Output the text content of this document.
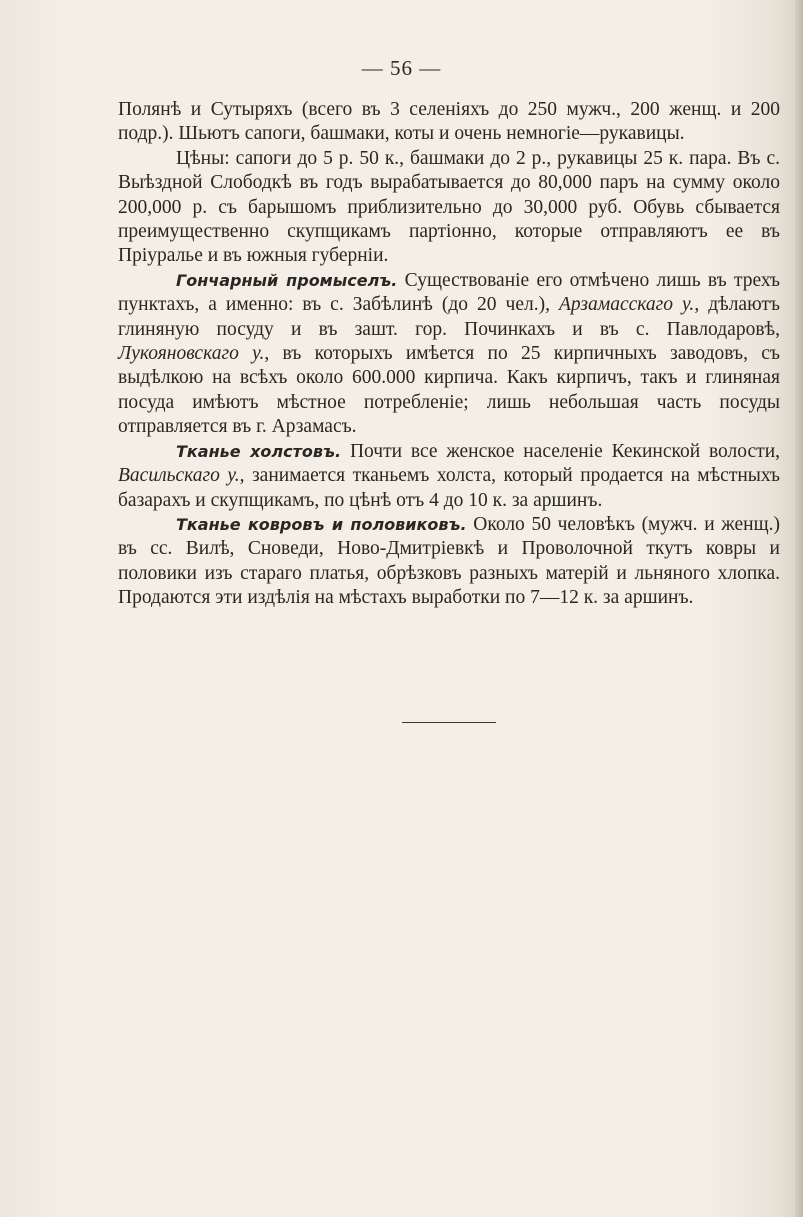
— 56 —

Полянѣ и Сутыряхъ (всего въ 3 селеніяхъ до 250 мужч., 200 женщ. и 200 подр.). Шьютъ сапоги, башмаки, коты и очень немногіе—рукавицы.

Цѣны: сапоги до 5 р. 50 к., башмаки до 2 р., рукавицы 25 к. пара. Въ с. Выѣздной Слободкѣ въ годъ вырабатывается до 80,000 паръ на сумму около 200,000 р. съ барышомъ приблизительно до 30,000 руб. Обувь сбывается преимущественно скупщикамъ партіонно, которые отправляютъ ее въ Пріуралье и въ южныя губерніи.

Гончарный промыселъ. Существованіе его отмѣчено лишь въ трехъ пунктахъ, а именно: въ с. Забѣлинѣ (до 20 чел.), Арзамасскаго у., дѣлаютъ глиняную посуду и въ зашт. гор. Починкахъ и въ с. Павлодаровѣ, Лукояновскаго у., въ которыхъ имѣется по 25 кирпичныхъ заводовъ, съ выдѣлкою на всѣхъ около 600.000 кирпича. Какъ кирпичъ, такъ и глиняная посуда имѣютъ мѣстное потребленіе; лишь небольшая часть посуды отправляется въ г. Арзамасъ.

Тканье холстовъ. Почти все женское населеніе Кекинской волости, Васильскаго у., занимается тканьемъ холста, который продается на мѣстныхъ базарахъ и скупщикамъ, по цѣнѣ отъ 4 до 10 к. за аршинъ.

Тканье ковровъ и половиковъ. Около 50 человѣкъ (мужч. и женщ.) въ сс. Вилѣ, Сноведи, Ново-Дмитріевкѣ и Проволочной ткутъ ковры и половики изъ стараго платья, обрѣзковъ разныхъ матерій и льняного хлопка. Продаются эти издѣлія на мѣстахъ выработки по 7—12 к. за аршинъ.
